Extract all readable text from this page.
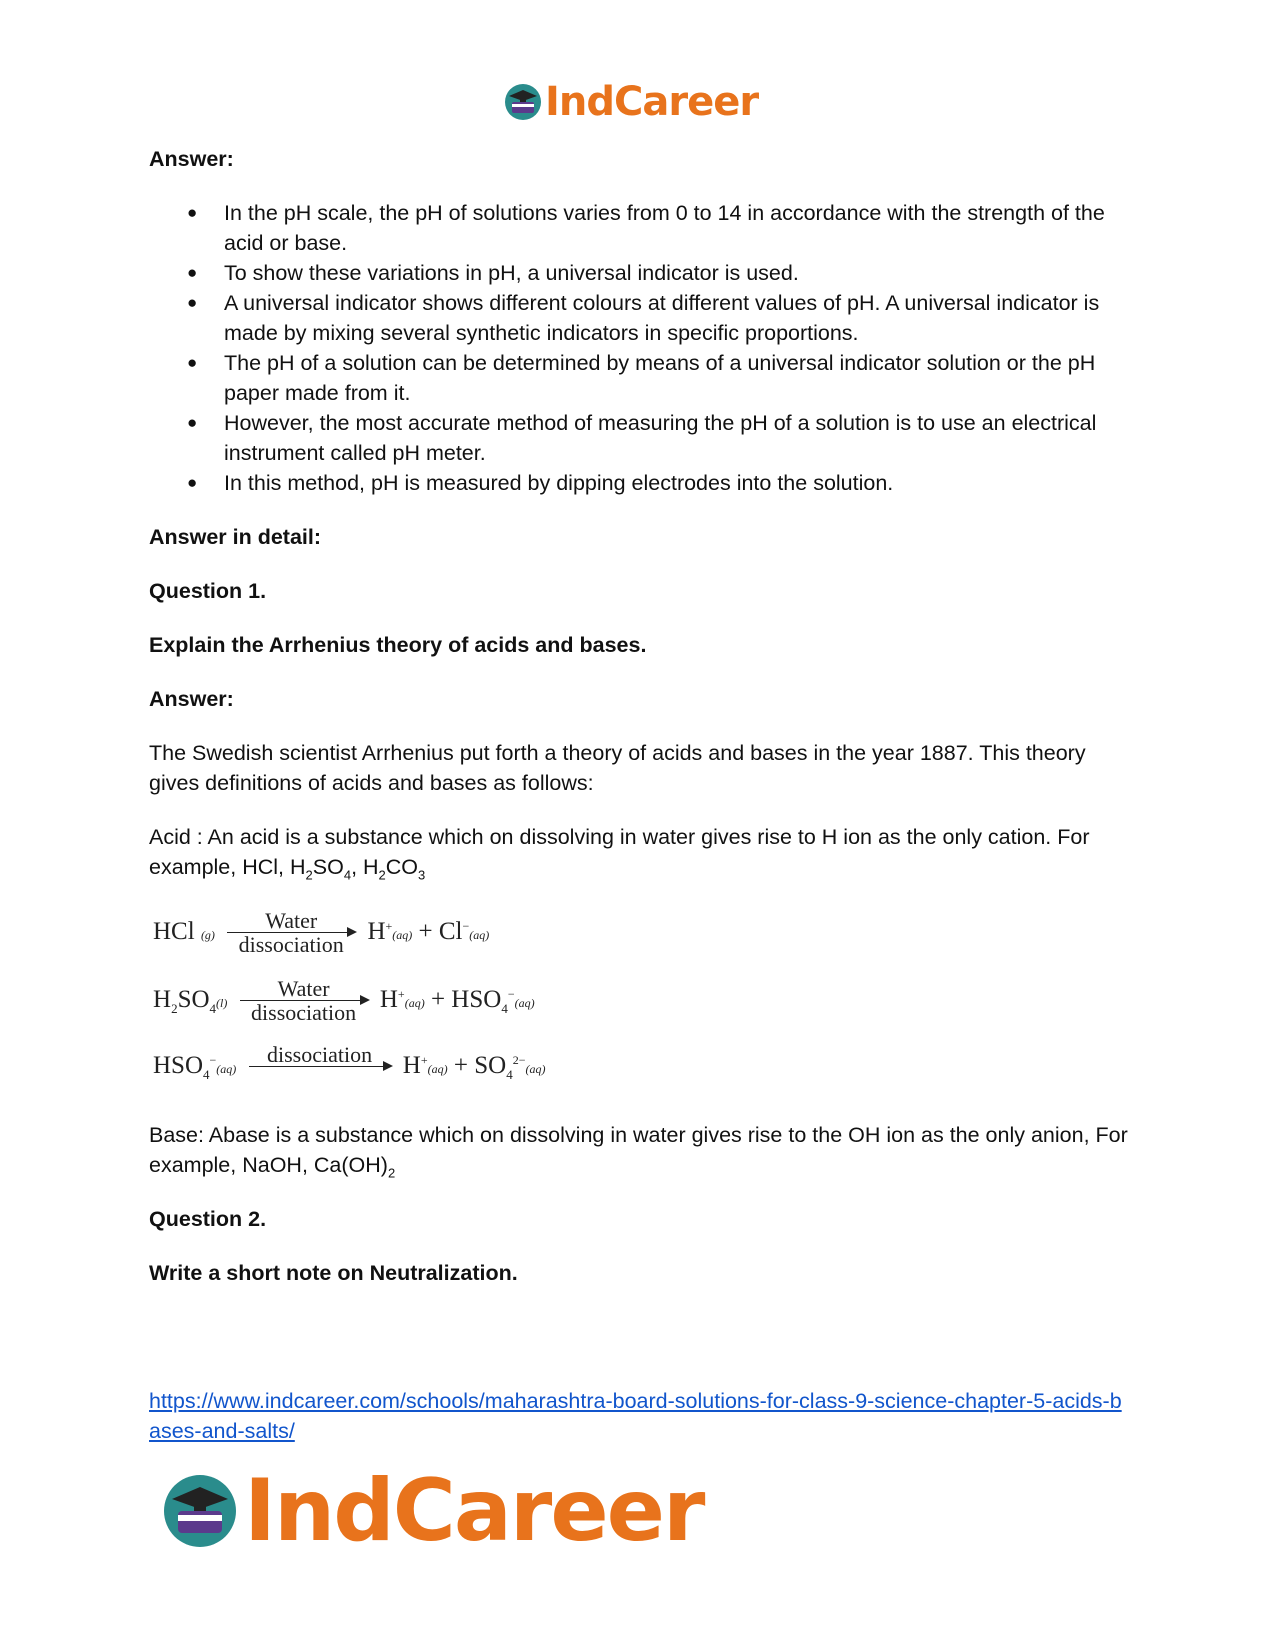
IndCareer

Answer:

● In the pH scale, the pH of solutions varies from 0 to 14 in accordance with the strength of the acid or base.
● To show these variations in pH, a universal indicator is used.
● A universal indicator shows different colours at different values of pH. A universal indicator is made by mixing several synthetic indicators in specific proportions.
● The pH of a solution can be determined by means of a universal indicator solution or the pH paper made from it.
● However, the most accurate method of measuring the pH of a solution is to use an electrical instrument called pH meter.
● In this method, pH is measured by dipping electrodes into the solution.

Answer in detail:

Question 1.

Explain the Arrhenius theory of acids and bases.

Answer:

The Swedish scientist Arrhenius put forth a theory of acids and bases in the year 1887. This theory gives definitions of acids and bases as follows:

Acid : An acid is a substance which on dissolving in water gives rise to H ion as the only cation. For example, HCl, $H_2SO_4$, $H_2CO_3$

HCl (g)
Water
dissociation H+(aq) + Cl−(aq)
$H_2SO_4(l)$
Water
dissociation $H^+(aq) + HSO_4^-(aq)$
$HSO_4^-(aq)$
dissociation
$H^+(aq) + SO_4^{2-}(aq)$

Base: Abase is a substance which on dissolving in water gives rise to the OH ion as the only anion, For example, NaOH, $Ca(OH)_2$

Question 2.

Write a short note on Neutralization.

https://www.indcareer.com/schools/maharashtra-board-solutions-for-class-9-science-chapter-5-acids-bases-and-salts/
IndCareer
